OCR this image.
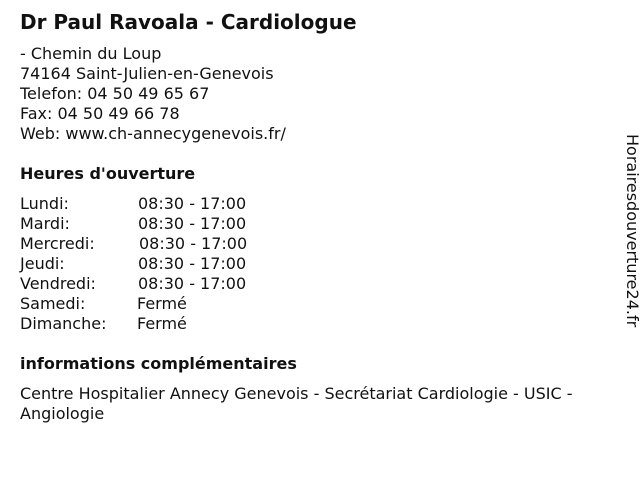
Dr Paul Ravoala - Cardiologue
- Chemin du Loup
74164 Saint-Julien-en-Genevois
Telefon: 04 50 49 65 67
Fax: 04 50 49 66 78
Web: www.ch-annecygenevois.fr/
Heures d'ouverture
Lundi:	08:30 - 17:00
Mardi:	08:30 - 17:00
Mercredi:	08:30 - 17:00
Jeudi:	08:30 - 17:00
Vendredi:	08:30 - 17:00
Samedi:	Fermé
Dimanche: Fermé
informations complémentaires
Centre Hospitalier Annecy Genevois - Secrétariat Cardiologie - USIC - Angiologie
Horairesdouverture24.fr
